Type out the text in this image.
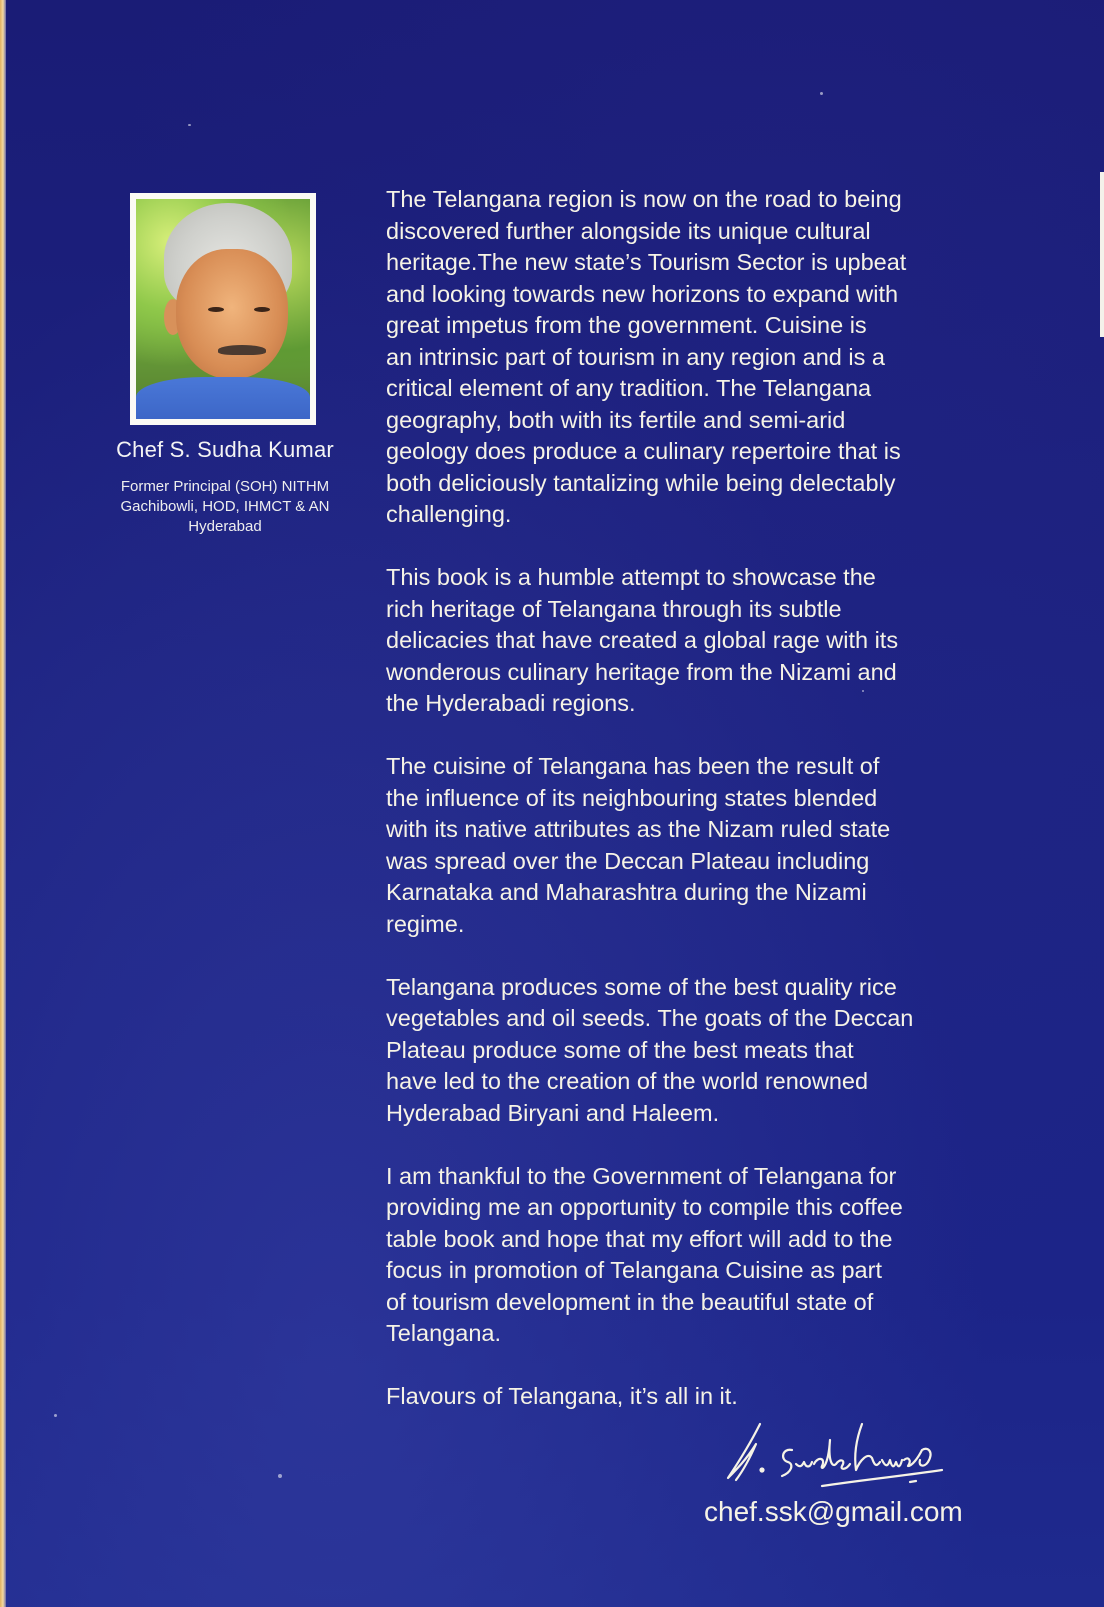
Chef S. Sudha Kumar
Former Principal (SOH) NITHM
Gachibowli, HOD, IHMCT & AN
Hyderabad

The Telangana region is now on the road to being
discovered further alongside its unique cultural
heritage.The new state’s Tourism Sector is upbeat
and looking towards new horizons to expand with
great impetus from the government. Cuisine is
an intrinsic part of tourism in any region and is a
critical element of any tradition. The Telangana
geography, both with its fertile and semi-arid
geology does produce a culinary repertoire that is
both deliciously tantalizing while being delectably
challenging.

This book is a humble attempt to showcase the
rich heritage of Telangana through its subtle
delicacies that have created a global rage with its
wonderous culinary heritage from the Nizami and
the Hyderabadi regions.

The cuisine of Telangana has been the result of
the influence of its neighbouring states blended
with its native attributes as the Nizam ruled state
was spread over the Deccan Plateau including
Karnataka and Maharashtra during the Nizami
regime.

Telangana produces some of the best quality rice
vegetables and oil seeds. The goats of the Deccan
Plateau produce some of the best meats that
have led to the creation of the world renowned
Hyderabad Biryani and Haleem.

I am thankful to the Government of Telangana for
providing me an opportunity to compile this coffee
table book and hope that my effort will add to the
focus in promotion of Telangana Cuisine as part
of tourism development in the beautiful state of
Telangana.

Flavours of Telangana, it’s all in it.

chef.ssk@gmail.com
